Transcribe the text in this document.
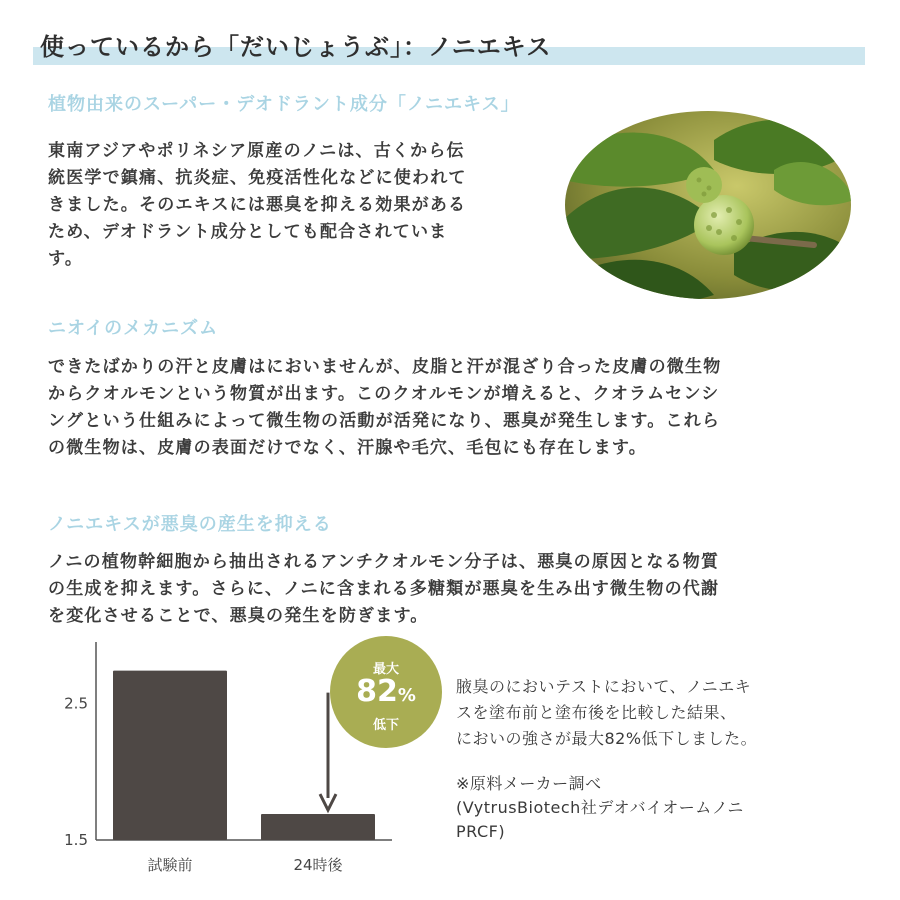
使っているから「だいじょうぶ」：ノニエキス
植物由来のスーパー・デオドラント成分「ノニエキス」

東南アジアやポリネシア原産のノニは、古くから伝
統医学で鎮痛、抗炎症、免疫活性化などに使われて
きました。そのエキスには悪臭を抑える効果がある
ため、デオドラント成分としても配合されていま
す。

ニオイのメカニズム

できたばかりの汗と皮膚はにおいませんが、皮脂と汗が混ざり合った皮膚の微生物
からクオルモンという物質が出ます。このクオルモンが増えると、クオラムセンシ
ングという仕組みによって微生物の活動が活発になり、悪臭が発生します。これら
の微生物は、皮膚の表面だけでなく、汗腺や毛穴、毛包にも存在します。

ノニエキスが悪臭の産生を抑える

ノニの植物幹細胞から抽出されるアンチクオルモン分子は、悪臭の原因となる物質
の生成を抑えます。さらに、ノニに含まれる多糖類が悪臭を生み出す微生物の代謝
を変化させることで、悪臭の発生を防ぎます。

2.5
1.5
試験前	24時後
最大
82%
低下

腋臭のにおいテストにおいて、ノニエキ
スを塗布前と塗布後を比較した結果、
においの強さが最大82%低下しました。

※原料メーカー調べ
(VytrusBiotech社デオバイオームノニ
PRCF)
